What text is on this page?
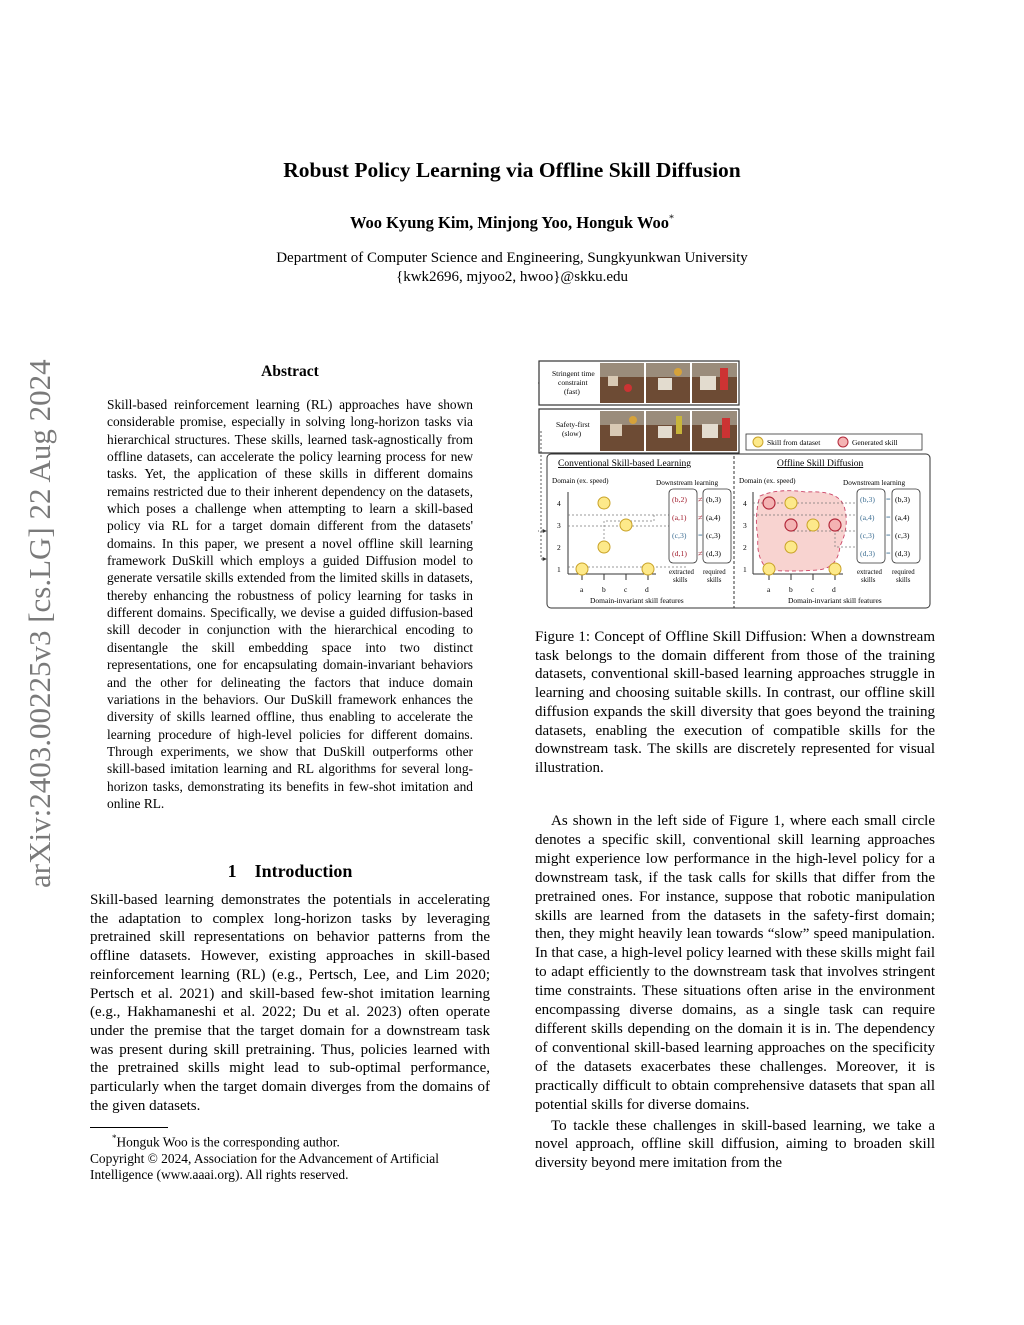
arXiv:2403.00225v3 [cs.LG] 22 Aug 2024
Robust Policy Learning via Offline Skill Diffusion
Woo Kyung Kim, Minjong Yoo, Honguk Woo*
Department of Computer Science and Engineering, Sungkyunkwan University
{kwk2696, mjyoo2, hwoo}@skku.edu
Abstract
Skill-based reinforcement learning (RL) approaches have shown considerable promise, especially in solving long-horizon tasks via hierarchical structures. These skills, learned task-agnostically from offline datasets, can accelerate the policy learning process for new tasks. Yet, the application of these skills in different domains remains restricted due to their inherent dependency on the datasets, which poses a challenge when attempting to learn a skill-based policy via RL for a target domain different from the datasets' domains. In this paper, we present a novel offline skill learning framework DuSkill which employs a guided Diffusion model to generate versatile skills extended from the limited skills in datasets, thereby enhancing the robustness of policy learning for tasks in different domains. Specifically, we devise a guided diffusion-based skill decoder in conjunction with the hierarchical encoding to disentangle the skill embedding space into two distinct representations, one for encapsulating domain-invariant behaviors and the other for delineating the factors that induce domain variations in the behaviors. Our DuSkill framework enhances the diversity of skills learned offline, thus enabling to accelerate the learning procedure of high-level policies for different domains. Through experiments, we show that DuSkill outperforms other skill-based imitation learning and RL algorithms for several long-horizon tasks, demonstrating its benefits in few-shot imitation and online RL.
1 Introduction
Skill-based learning demonstrates the potentials in accelerating the adaptation to complex long-horizon tasks by leveraging pretrained skill representations on behavior patterns from the offline datasets. However, existing approaches in skill-based reinforcement learning (RL) (e.g., Pertsch, Lee, and Lim 2020; Pertsch et al. 2021) and skill-based few-shot imitation learning (e.g., Hakhamaneshi et al. 2022; Du et al. 2023) often operate under the premise that the target domain for a downstream task was present during skill pretraining. Thus, policies learned with the pretrained skills might lead to sub-optimal performance, particularly when the target domain diverges from the domains of the given datasets.
*Honguk Woo is the corresponding author.
Copyright © 2024, Association for the Advancement of Artificial Intelligence (www.aaai.org). All rights reserved.
Stringent time
constraint
(fast)
Safety-first
(slow)
Skill from dataset	Generated skill
Conventional Skill-based Learning	Offline Skill Diffusion
Domain (ex. speed)	Downstream learning
4
3
2
1
a b c d
Domain-invariant skill features
(b,2)
(a,1)
(c,3)
(d,1)
≠
≠
=
≠
(b,3)
(a,4)
(c,3)
(d,3)
extracted
skills
required
skills
Domain (ex. speed)	Downstream learning
4
3
2
1
a b c d
Domain-invariant skill features
(b,3)
(a,4)
(c,3)
(d,3)
=
=
=
=
(b,3)
(a,4)
(c,3)
(d,3)
extracted
skills
required
skills
Figure 1: Concept of Offline Skill Diffusion: When a downstream task belongs to the domain different from those of the training datasets, conventional skill-based learning approaches struggle in learning and choosing suitable skills. In contrast, our offline skill diffusion expands the skill diversity that goes beyond the training datasets, enabling the execution of compatible skills for the downstream task. The skills are discretely represented for visual illustration.

As shown in the left side of Figure 1, where each small circle denotes a specific skill, conventional skill learning approaches might experience low performance in the high-level policy for a downstream task, if the task calls for skills that differ from the pretrained ones. For instance, suppose that robotic manipulation skills are learned from the datasets in the safety-first domain; then, they might heavily lean towards “slow” speed manipulation. In that case, a high-level policy learned with these skills might fail to adapt efficiently to the downstream task that involves stringent time constraints. These situations often arise in the environment encompassing diverse domains, as a single task can require different skills depending on the domain it is in. The dependency of conventional skill-based learning approaches on the specificity of the datasets exacerbates these challenges. Moreover, it is practically difficult to obtain comprehensive datasets that span all potential skills for diverse domains.

To tackle these challenges in skill-based learning, we take a novel approach, offline skill diffusion, aiming to broaden skill diversity beyond mere imitation from the
